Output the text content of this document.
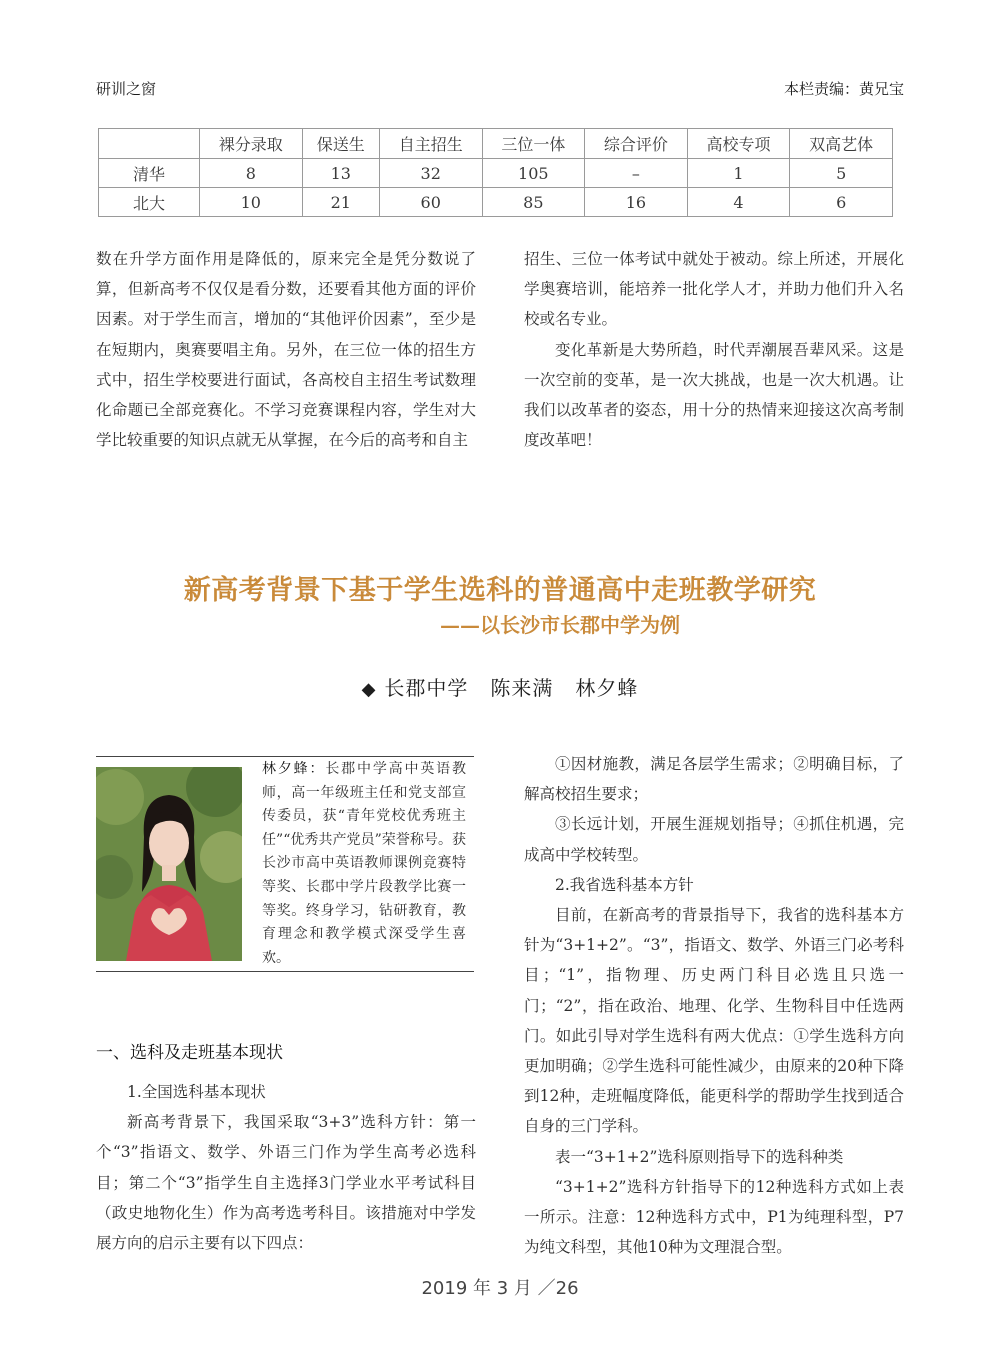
研训之窗	本栏责编：黄兄宝
	裸分录取	保送生	自主招生	三位一体	综合评价	高校专项	双高艺体
清华	8	13	32	105	–	1	5
北大	10	21	60	85	16	4	6

数在升学方面作用是降低的，原来完全是凭分数说了算，但新高考不仅仅是看分数，还要看其他方面的评价因素。对于学生而言，增加的“其他评价因素”，至少是在短期内，奥赛要唱主角。另外，在三位一体的招生方式中，招生学校要进行面试，各高校自主招生考试数理化命题已全部竞赛化。不学习竞赛课程内容，学生对大学比较重要的知识点就无从掌握，在今后的高考和自主

招生、三位一体考试中就处于被动。综上所述，开展化学奥赛培训，能培养一批化学人才，并助力他们升入名校或名专业。

变化革新是大势所趋，时代弄潮展吾辈风采。这是一次空前的变革，是一次大挑战，也是一次大机遇。让我们以改革者的姿态，用十分的热情来迎接这次高考制度改革吧！

新高考背景下基于学生选科的普通高中走班教学研究
——以长沙市长郡中学为例
◆ 长郡中学 陈来满 林夕蜂
林夕蜂：长郡中学高中英语教师，高一年级班主任和党支部宣传委员，获“青年党校优秀班主任”“优秀共产党员”荣誉称号。获长沙市高中英语教师课例竞赛特等奖、长郡中学片段教学比赛一等奖。终身学习，钻研教育，教育理念和教学模式深受学生喜欢。
一、选科及走班基本现状

1.全国选科基本现状

新高考背景下，我国采取“3+3”选科方针：第一个“3”指语文、数学、外语三门作为学生高考必选科目；第二个“3”指学生自主选择3门学业水平考试科目（政史地物化生）作为高考选考科目。该措施对中学发展方向的启示主要有以下四点：

①因材施教，满足各层学生需求；②明确目标，了解高校招生要求；

③长远计划，开展生涯规划指导；④抓住机遇，完成高中学校转型。

2.我省选科基本方针

目前，在新高考的背景指导下，我省的选科基本方针为“3+1+2”。“3”，指语文、数学、外语三门必考科目；“1”，指物理、历史两门科目必选且只选一门；“2”，指在政治、地理、化学、生物科目中任选两门。如此引导对学生选科有两大优点：①学生选科方向更加明确；②学生选科可能性减少，由原来的20种下降到12种，走班幅度降低，能更科学的帮助学生找到适合自身的三门学科。

表一“3+1+2”选科原则指导下的选科种类

“3+1+2”选科方针指导下的12种选科方式如上表一所示。注意：12种选科方式中，P1为纯理科型，P7为纯文科型，其他10种为文理混合型。

2019 年 3 月 ／26
